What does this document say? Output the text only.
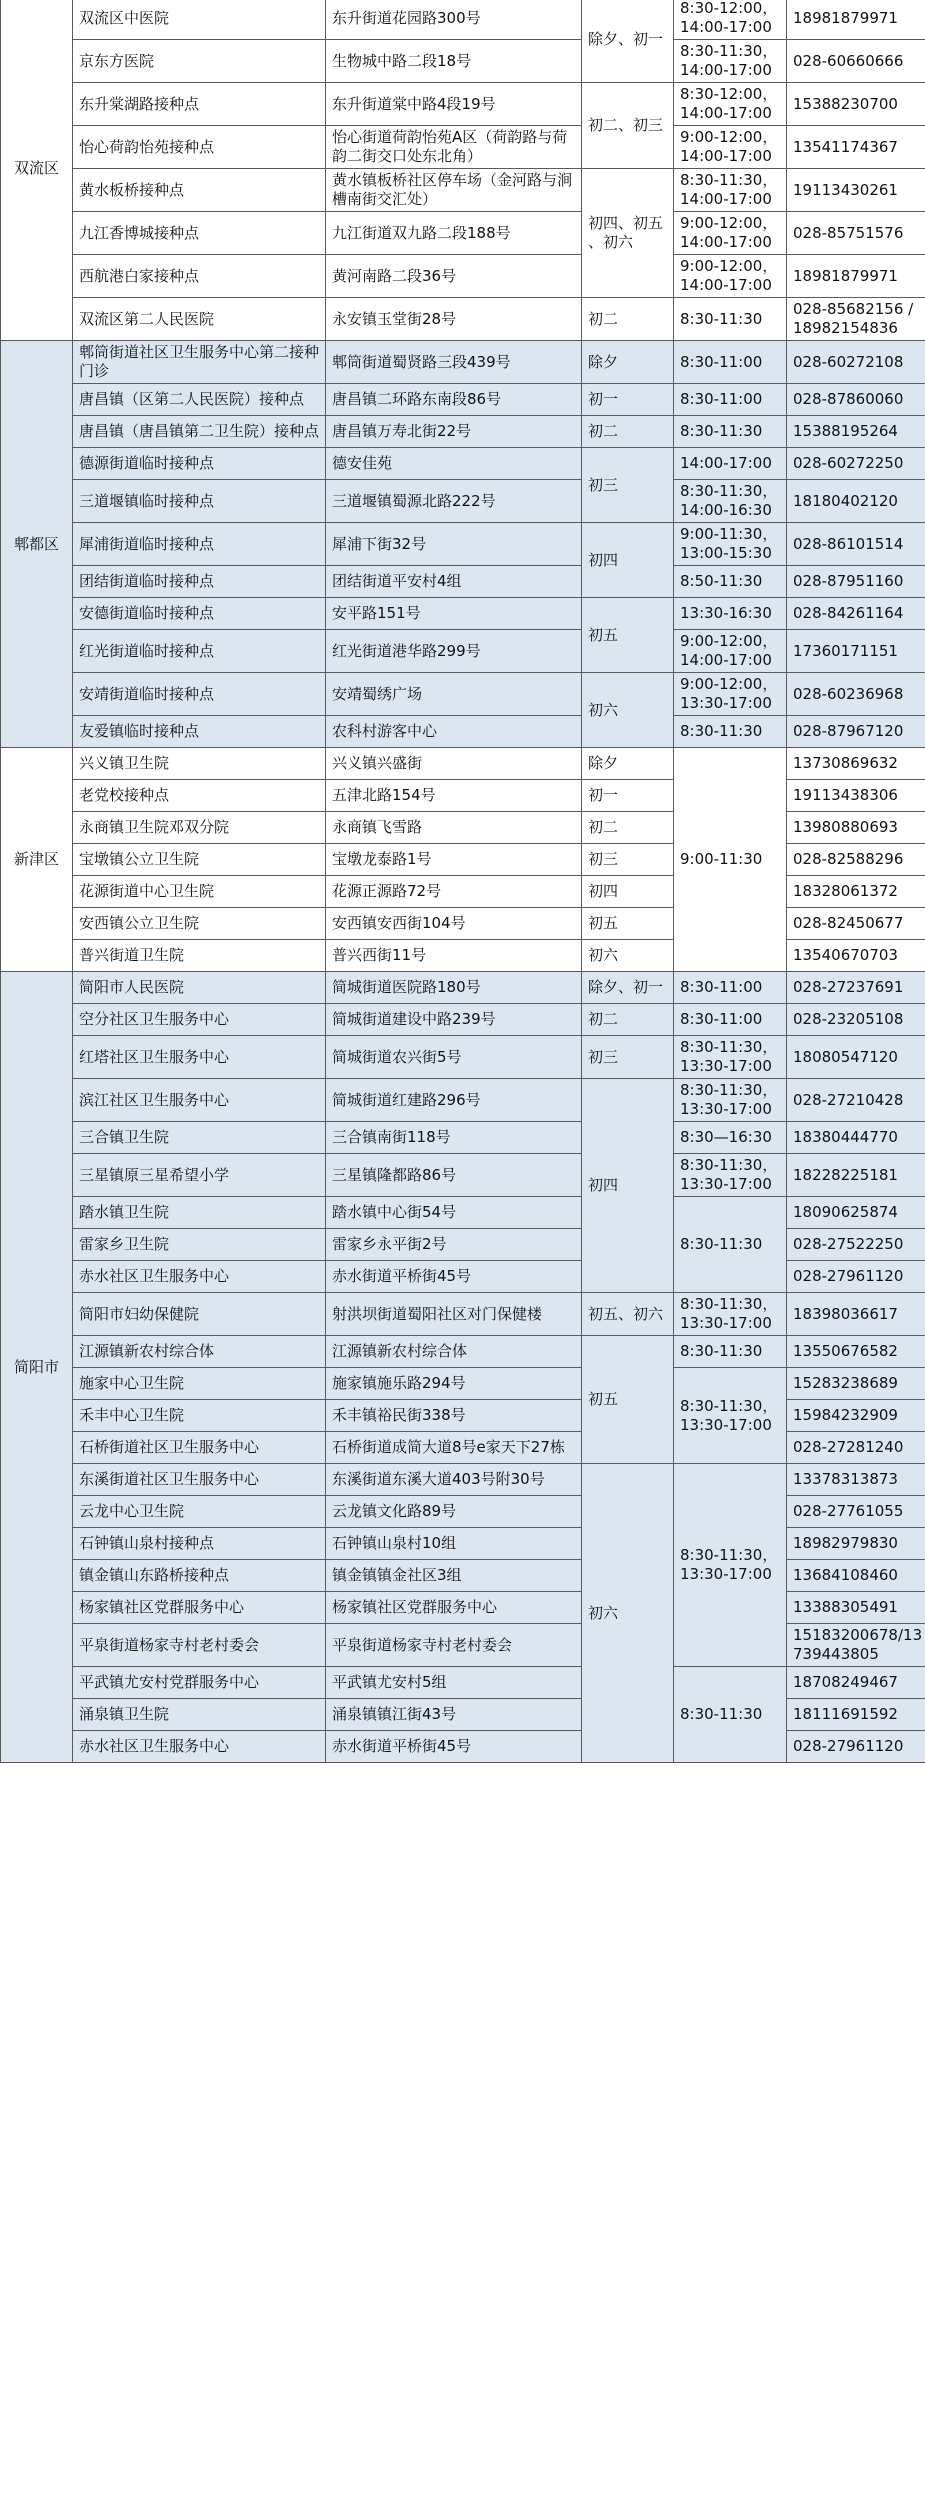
双流区	双流区中医院	东升街道花园路300号	除夕、初一	8:30-12:00，
14:00-17:00	18981879971
	京东方医院	生物城中路二段18号		8:30-11:30，
14:00-17:00	028-60660666
	东升棠湖路接种点	东升街道棠中路4段19号	初二、初三	8:30-12:00，
14:00-17:00	15388230700
	怡心荷韵怡苑接种点	怡心街道荷韵怡苑A区（荷韵路与荷韵二街交口处东北角）		9:00-12:00，
14:00-17:00	13541174367
	黄水板桥接种点	黄水镇板桥社区停车场（金河路与涧槽南街交汇处）	初四、初五
、初六	8:30-11:30，
14:00-17:00	19113430261
	九江香博城接种点	九江街道双九路二段188号		9:00-12:00，
14:00-17:00	028-85751576
	西航港白家接种点	黄河南路二段36号		9:00-12:00，
14:00-17:00	18981879971
	双流区第二人民医院	永安镇玉堂街28号	初二	8:30-11:30	028-85682156 /
18982154836
郫都区	郫筒街道社区卫生服务中心第二接种门诊	郫筒街道蜀贤路三段439号	除夕	8:30-11:00	028-60272108
	唐昌镇（区第二人民医院）接种点	唐昌镇二环路东南段86号	初一	8:30-11:00	028-87860060
	唐昌镇（唐昌镇第二卫生院）接种点	唐昌镇万寿北街22号	初二	8:30-11:30	15388195264
	德源街道临时接种点	德安佳苑	初三	14:00-17:00	028-60272250
	三道堰镇临时接种点	三道堰镇蜀源北路222号		8:30-11:30，
14:00-16:30	18180402120
	犀浦街道临时接种点	犀浦下街32号	初四	9:00-11:30，
13:00-15:30	028-86101514
	团结街道临时接种点	团结街道平安村4组		8:50-11:30	028-87951160
	安德街道临时接种点	安平路151号	初五	13:30-16:30	028-84261164
	红光街道临时接种点	红光街道港华路299号		9:00-12:00，
14:00-17:00	17360171151
	安靖街道临时接种点	安靖蜀绣广场	初六	9:00-12:00，
13:30-17:00	028-60236968
	友爱镇临时接种点	农科村游客中心		8:30-11:30	028-87967120
新津区	兴义镇卫生院	兴义镇兴盛街	除夕	9:00-11:30	13730869632
	老党校接种点	五津北路154号	初一		19113438306
	永商镇卫生院邓双分院	永商镇飞雪路	初二		13980880693
	宝墩镇公立卫生院	宝墩龙泰路1号	初三		028-82588296
	花源街道中心卫生院	花源正源路72号	初四		18328061372
	安西镇公立卫生院	安西镇安西街104号	初五		028-82450677
	普兴街道卫生院	普兴西街11号	初六		13540670703
简阳市	简阳市人民医院	简城街道医院路180号	除夕、初一	8:30-11:00	028-27237691
	空分社区卫生服务中心	简城街道建设中路239号	初二	8:30-11:00	028-23205108
	红塔社区卫生服务中心	简城街道农兴街5号	初三	8:30-11:30，
13:30-17:00	18080547120
	滨江社区卫生服务中心	简城街道红建路296号	初四	8:30-11:30，
13:30-17:00	028-27210428
	三合镇卫生院	三合镇南街118号		8:30—16:30	18380444770
	三星镇原三星希望小学	三星镇隆都路86号		8:30-11:30，
13:30-17:00	18228225181
	踏水镇卫生院	踏水镇中心街54号		8:30-11:30	18090625874
	雷家乡卫生院	雷家乡永平街2号			028-27522250
	赤水社区卫生服务中心	赤水街道平桥街45号			028-27961120
	简阳市妇幼保健院	射洪坝街道蜀阳社区对门保健楼	初五、初六	8:30-11:30，
13:30-17:00	18398036617
	江源镇新农村综合体	江源镇新农村综合体	初五	8:30-11:30	13550676582
	施家中心卫生院	施家镇施乐路294号		8:30-11:30，
13:30-17:00	15283238689
	禾丰中心卫生院	禾丰镇裕民街338号			15984232909
	石桥街道社区卫生服务中心	石桥街道成简大道8号e家天下27栋			028-27281240
	东溪街道社区卫生服务中心	东溪街道东溪大道403号附30号	初六	8:30-11:30，
13:30-17:00	13378313873
	云龙中心卫生院	云龙镇文化路89号			028-27761055
	石钟镇山泉村接种点	石钟镇山泉村10组			18982979830
	镇金镇山东路桥接种点	镇金镇镇金社区3组			13684108460
	杨家镇社区党群服务中心	杨家镇社区党群服务中心			13388305491
	平泉街道杨家寺村老村委会	平泉街道杨家寺村老村委会			15183200678/13
739443805
	平武镇尤安村党群服务中心	平武镇尤安村5组		8:30-11:30	18708249467
	涌泉镇卫生院	涌泉镇镇江街43号			18111691592
	赤水社区卫生服务中心	赤水街道平桥街45号			028-27961120
